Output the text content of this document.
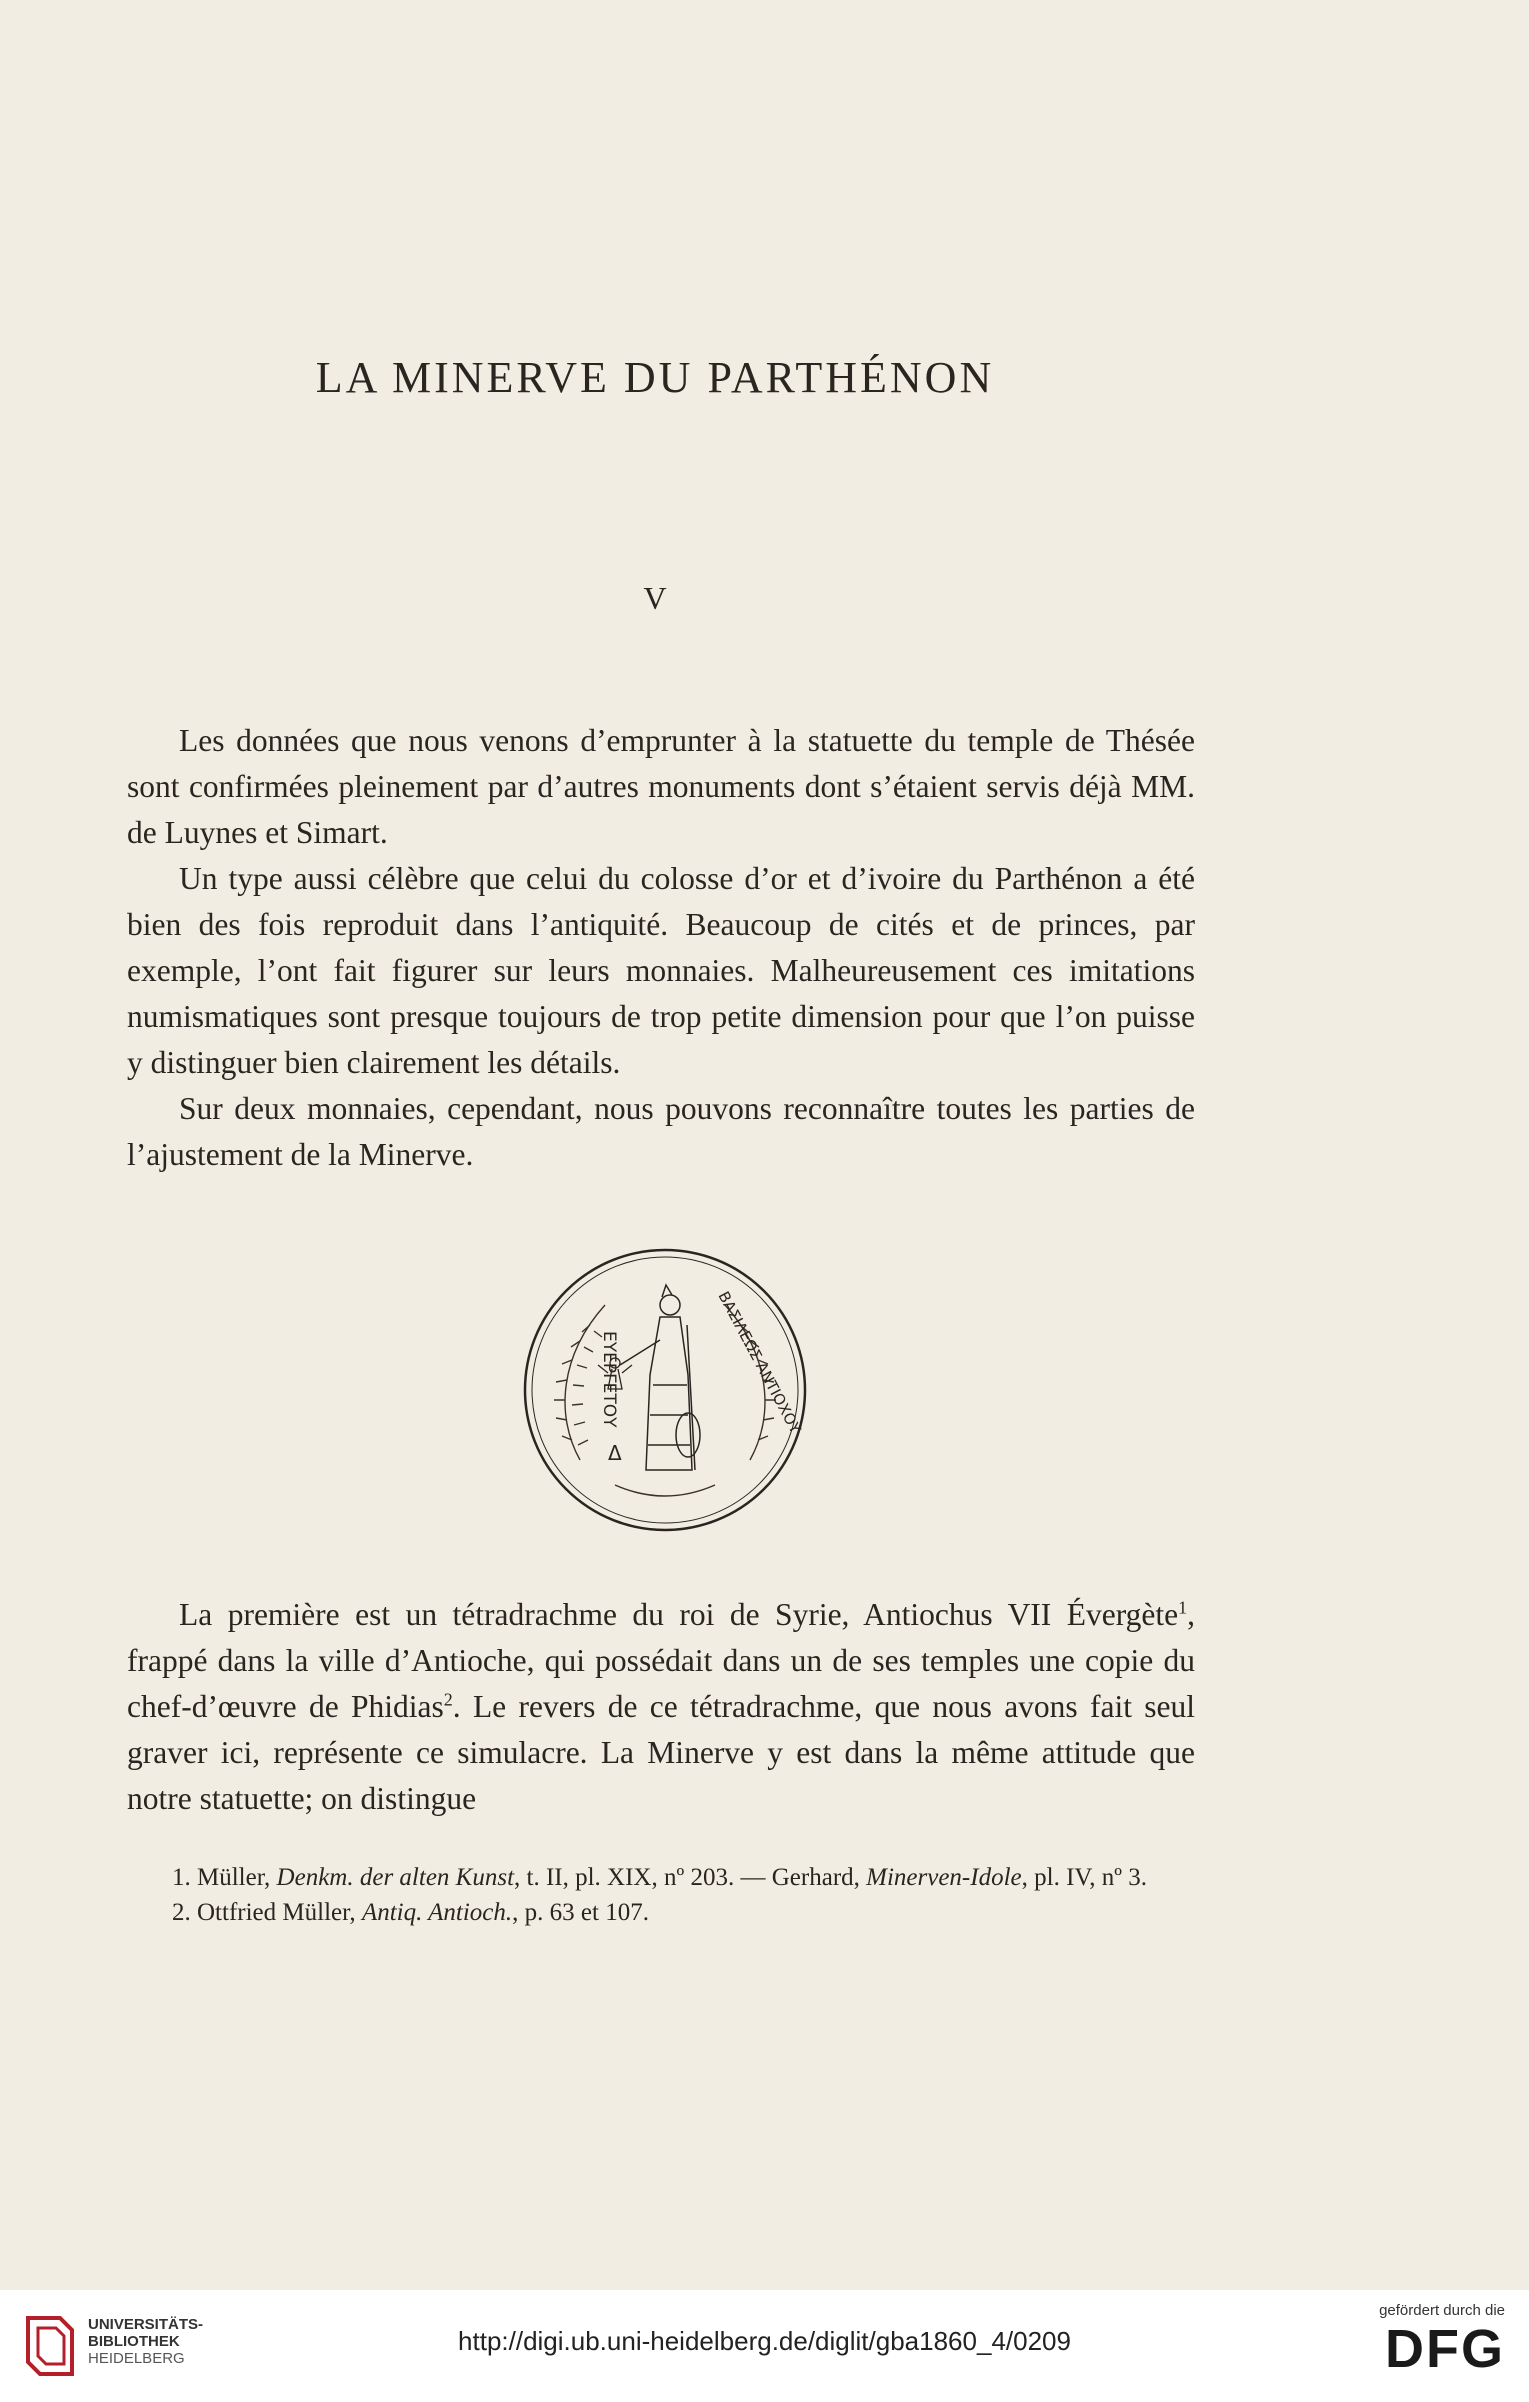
LA MINERVE DU PARTHÉNON
V

Les données que nous venons d’emprunter à la statuette du temple de Thésée sont confirmées pleinement par d’autres monuments dont s’étaient servis déjà MM. de Luynes et Simart.

Un type aussi célèbre que celui du colosse d’or et d’ivoire du Parthénon a été bien des fois reproduit dans l’antiquité. Beaucoup de cités et de princes, par exemple, l’ont fait figurer sur leurs monnaies. Malheureusement ces imitations numismatiques sont presque toujours de trop petite dimension pour que l’on puisse y distinguer bien clairement les détails.

Sur deux monnaies, cependant, nous pouvons reconnaître toutes les parties de l’ajustement de la Minerve.

ΕΥΕΡΓΕΤΟΥ	ΒΑΣΙΛΕΩΣ ΑΝΤΙΟΧΟΥ
Δ

La première est un tétradrachme du roi de Syrie, Antiochus VII Évergète$^1$, frappé dans la ville d’Antioche, qui possédait dans un de ses temples une copie du chef-d’œuvre de Phidias$^2$. Le revers de ce tétradrachme, que nous avons fait seul graver ici, représente ce simulacre. La Minerve y est dans la même attitude que notre statuette; on distingue

1. Müller, Denkm. der alten Kunst, t. II, pl. XIX, nº 203. — Gerhard, Minerven-Idole, pl. IV, nº 3.

2. Ottfried Müller, Antiq. Antioch., p. 63 et 107.

UNIVERSITÄTS-
BIBLIOTHEK
HEIDELBERG
http://digi.ub.uni-heidelberg.de/diglit/gba1860_4/0209
gefördert durch die
DFG
